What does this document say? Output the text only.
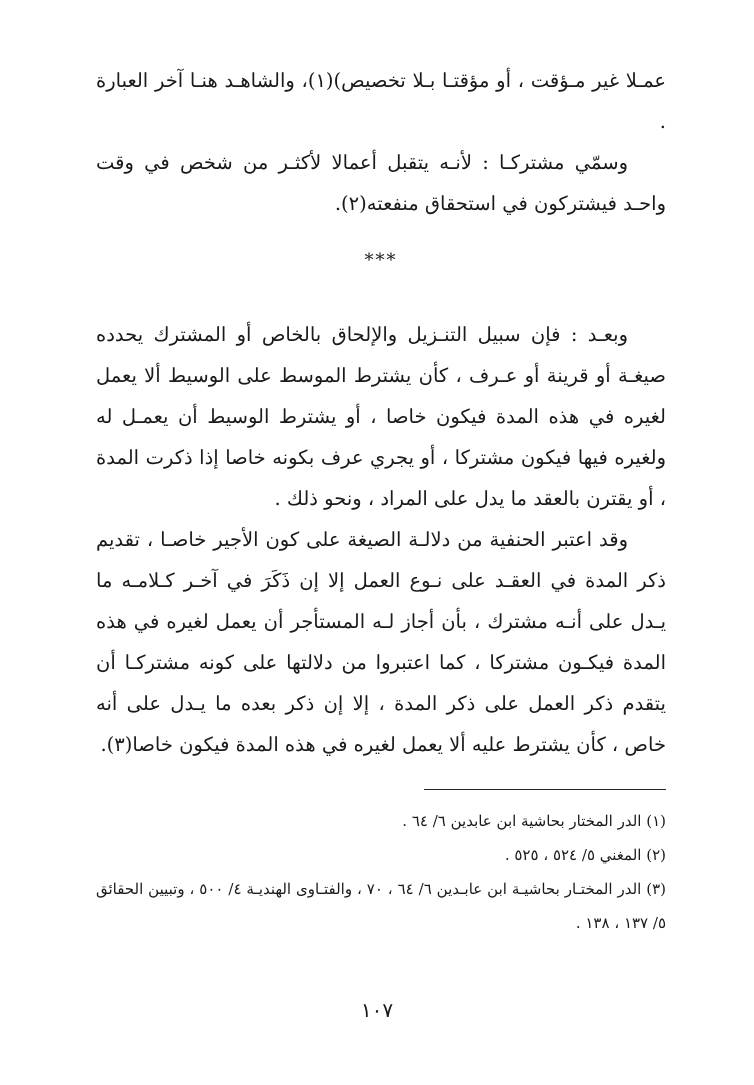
عمـلا غير مـؤقت ، أو مؤقتـا بـلا تخصيص)(١)، والشاهـد هنـا آخر العبارة .

وسمّي مشتركـا : لأنـه يتقبل أعمالا لأكثـر من شخص في وقت واحـد فيشتركون في استحقاق منفعته(٢).

***

وبعـد : فإن سبيل التنـزيل والإلحاق بالخاص أو المشترك يحدده صيغـة أو قرينة أو عـرف ، كأن يشترط الموسط على الوسيط ألا يعمل لغيره في هذه المدة فيكون خاصا ، أو يشترط الوسيط أن يعمـل له ولغيره فيها فيكون مشتركا ، أو يجري عرف بكونه خاصا إذا ذكرت المدة ، أو يقترن بالعقد ما يدل على المراد ، ونحو ذلك .

وقد اعتبر الحنفية من دلالـة الصيغة على كون الأجير خاصـا ، تقديم ذكر المدة في العقـد على نـوع العمل إلا إن ذَكَرَ في آخـر كـلامـه ما يـدل على أنـه مشترك ، بأن أجاز لـه المستأجر أن يعمل لغيره في هذه المدة فيكـون مشتركا ، كما اعتبروا من دلالتها على كونه مشتركـا أن يتقدم ذكر العمل على ذكر المدة ، إلا إن ذكر بعده ما يـدل على أنه خاص ، كأن يشترط عليه ألا يعمل لغيره في هذه المدة فيكون خاصا(٣).

(١) الدر المختار بحاشية ابن عابدين ٦/ ٦٤ .
(٢) المغني ٥/ ٥٢٤ ، ٥٢٥ .
(٣) الدر المختـار بحاشيـة ابن عابـدين ٦/ ٦٤ ، ٧٠ ، والفتـاوى الهنديـة ٤/ ٥٠٠ ، وتبيين الحقائق ٥/ ١٣٧ ، ١٣٨ .
١٠٧
